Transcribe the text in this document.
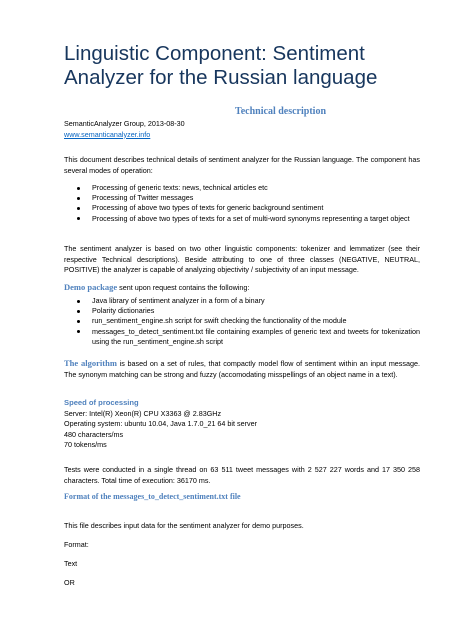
Linguistic Component: Sentiment
Analyzer for the Russian language
Technical description
SemanticAnalyzer Group, 2013-08-30
www.semanticanalyzer.info
This document describes technical details of sentiment analyzer for the Russian language. The component has several modes of operation:
Processing of generic texts: news, technical articles etc
Processing of Twitter messages
Processing of above two types of texts for generic background sentiment
Processing of above two types of texts for a set of multi-word synonyms representing a target object
The sentiment analyzer is based on two other linguistic components: tokenizer and lemmatizer (see their respective Technical descriptions). Beside attributing to one of three classes (NEGATIVE, NEUTRAL, POSITIVE) the analyzer is capable of analyzing objectivity / subjectivity of an input message.
Demo package sent upon request contains the following:
Java library of sentiment analyzer in a form of a binary
Polarity dictionaries
run_sentiment_engine.sh script for swift checking the functionality of the module
messages_to_detect_sentiment.txt file containing examples of generic text and tweets for tokenization using the run_sentiment_engine.sh script
The algorithm is based on a set of rules, that compactly model flow of sentiment within an input message. The synonym matching can be strong and fuzzy (accomodating misspellings of an object name in a text).
Speed of processing
Server: Intel(R) Xeon(R) CPU X3363 @ 2.83GHz
Operating system: ubuntu 10.04, Java 1.7.0_21 64 bit server
480 characters/ms
70 tokens/ms
Tests were conducted in a single thread on 63 511 tweet messages with 2 527 227 words and 17 350 258 characters. Total time of execution: 36170 ms.
Format of the messages_to_detect_sentiment.txt file
This file describes input data for the sentiment analyzer for demo purposes.
Format:
Text
OR
